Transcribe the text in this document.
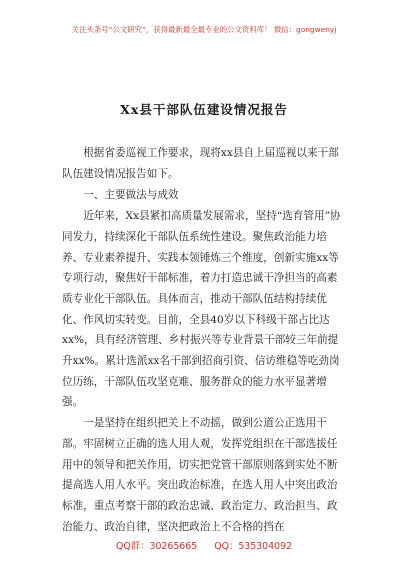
关注头条号“公文研究”，获得最新最全最专业的公文资料库！ 微信：gongwenyj
Xx县干部队伍建设情况报告

根据省委巡视工作要求，现将xx县自上届巡视以来干部队伍建设情况报告如下。

一、主要做法与成效

近年来，Xx县紧扣高质量发展需求，坚持“选育管用”协同发力，持续深化干部队伍系统性建设。聚焦政治能力培养、专业素养提升、实践本领锤炼三个维度，创新实施xx等专项行动，聚焦好干部标准，着力打造忠诚干净担当的高素质专业化干部队伍。具体而言，推动干部队伍结构持续优化、作风切实转变。目前，全县40岁以下科级干部占比达xx%，具有经济管理、乡村振兴等专业背景干部较三年前提升xx%。累计选派xx名干部到招商引资、信访维稳等吃劲岗位历练，干部队伍攻坚克难、服务群众的能力水平显著增强。

一是坚持在组织把关上不动摇，做到公道公正选用干部。牢固树立正确的选人用人观，发挥党组织在干部选拔任用中的领导和把关作用，切实把党管干部原则落到实处不断提高选人用人水平。突出政治标准，在选人用人中突出政治标准，重点考察干部的政治忠诚、政治定力、政治担当、政治能力、政治自律，坚决把政治上不合格的挡在

QQ群：30265665 QQ：535304092
